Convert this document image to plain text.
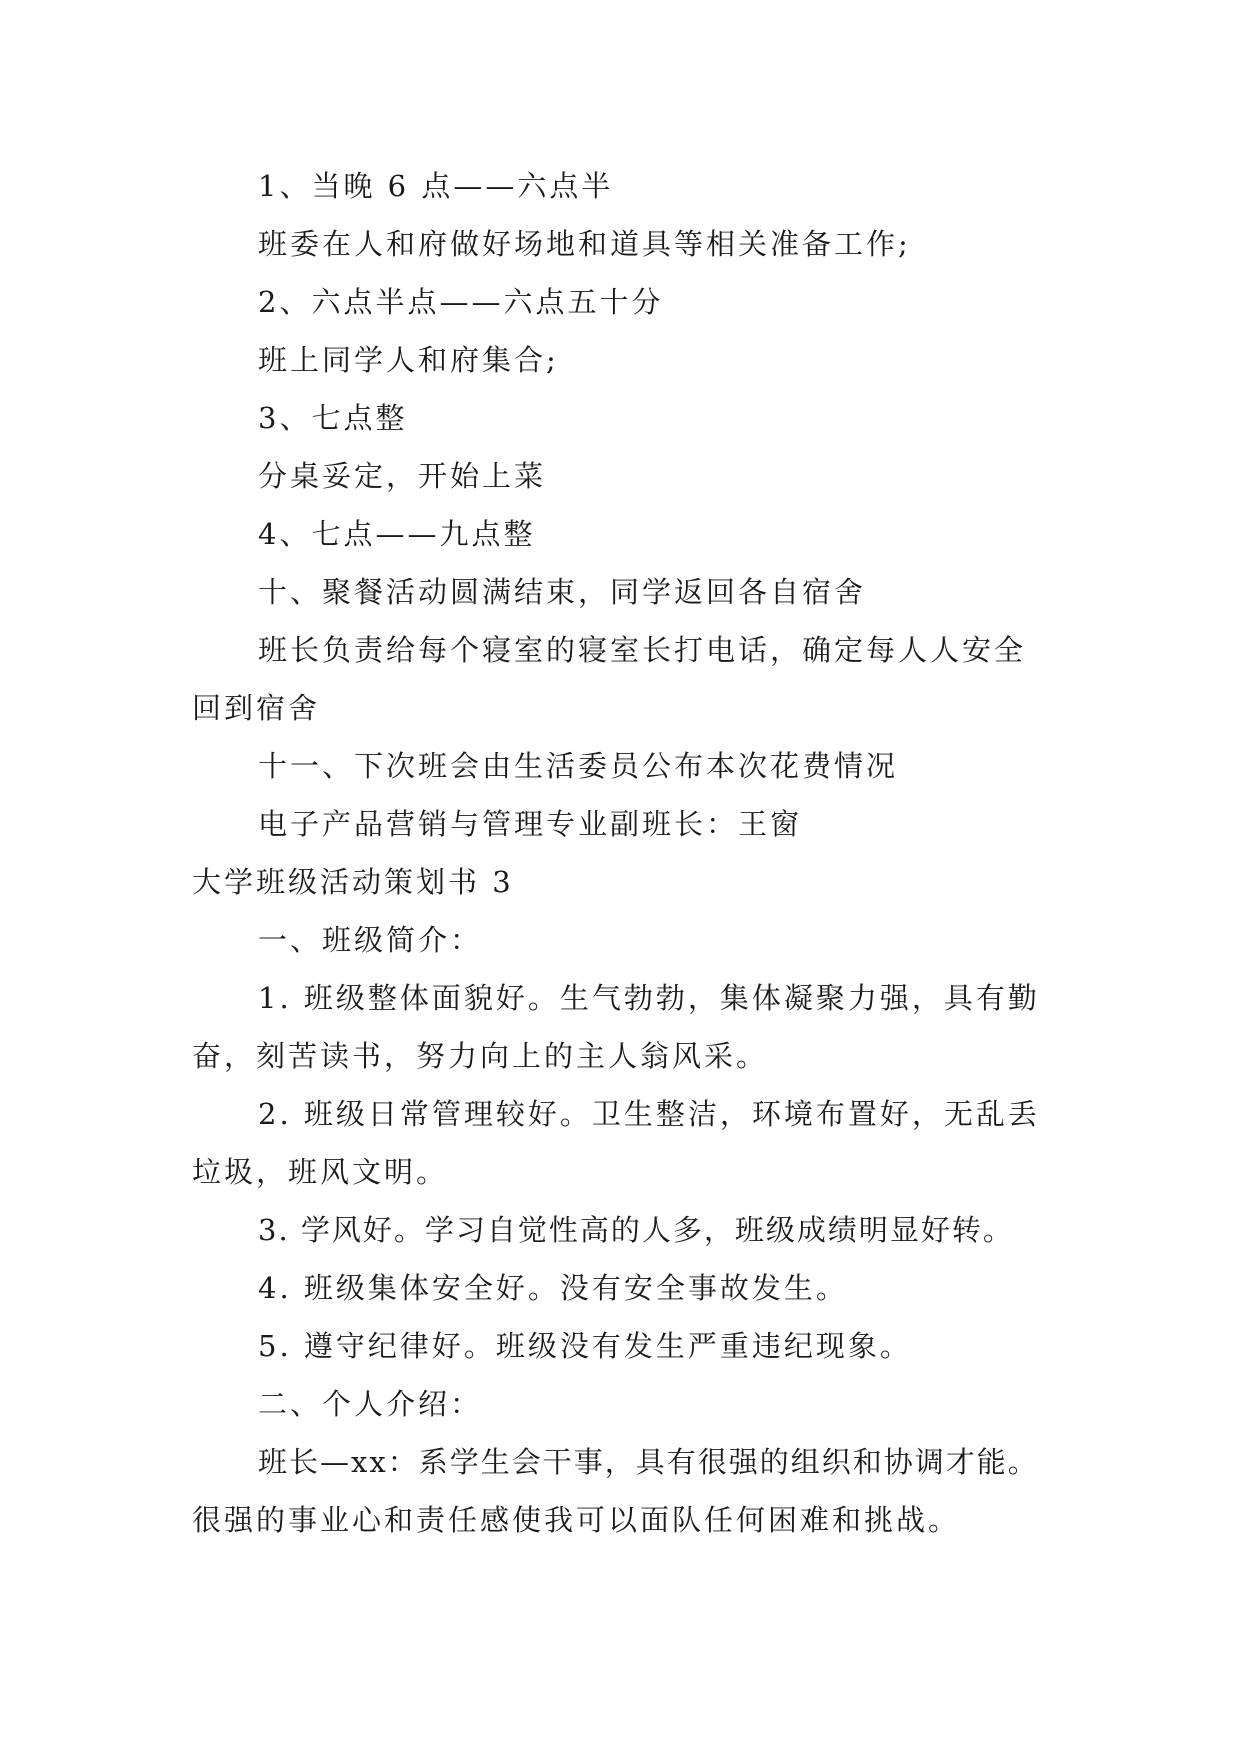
1、当晚 6 点——六点半

班委在人和府做好场地和道具等相关准备工作;

2、六点半点——六点五十分

班上同学人和府集合;

3、七点整

分桌妥定，开始上菜

4、七点——九点整

十、聚餐活动圆满结束，同学返回各自宿舍

班长负责给每个寝室的寝室长打电话，确定每人人安全

回到宿舍

十一、下次班会由生活委员公布本次花费情况

电子产品营销与管理专业副班长：王窗

大学班级活动策划书 3

一、班级简介：

1. 班级整体面貌好。生气勃勃，集体凝聚力强，具有勤

奋，刻苦读书，努力向上的主人翁风采。

2. 班级日常管理较好。卫生整洁，环境布置好，无乱丢

垃圾，班风文明。

3. 学风好。学习自觉性高的人多，班级成绩明显好转。

4. 班级集体安全好。没有安全事故发生。

5. 遵守纪律好。班级没有发生严重违纪现象。

二、个人介绍：

班长—xx：系学生会干事，具有很强的组织和协调才能。

很强的事业心和责任感使我可以面队任何困难和挑战。
